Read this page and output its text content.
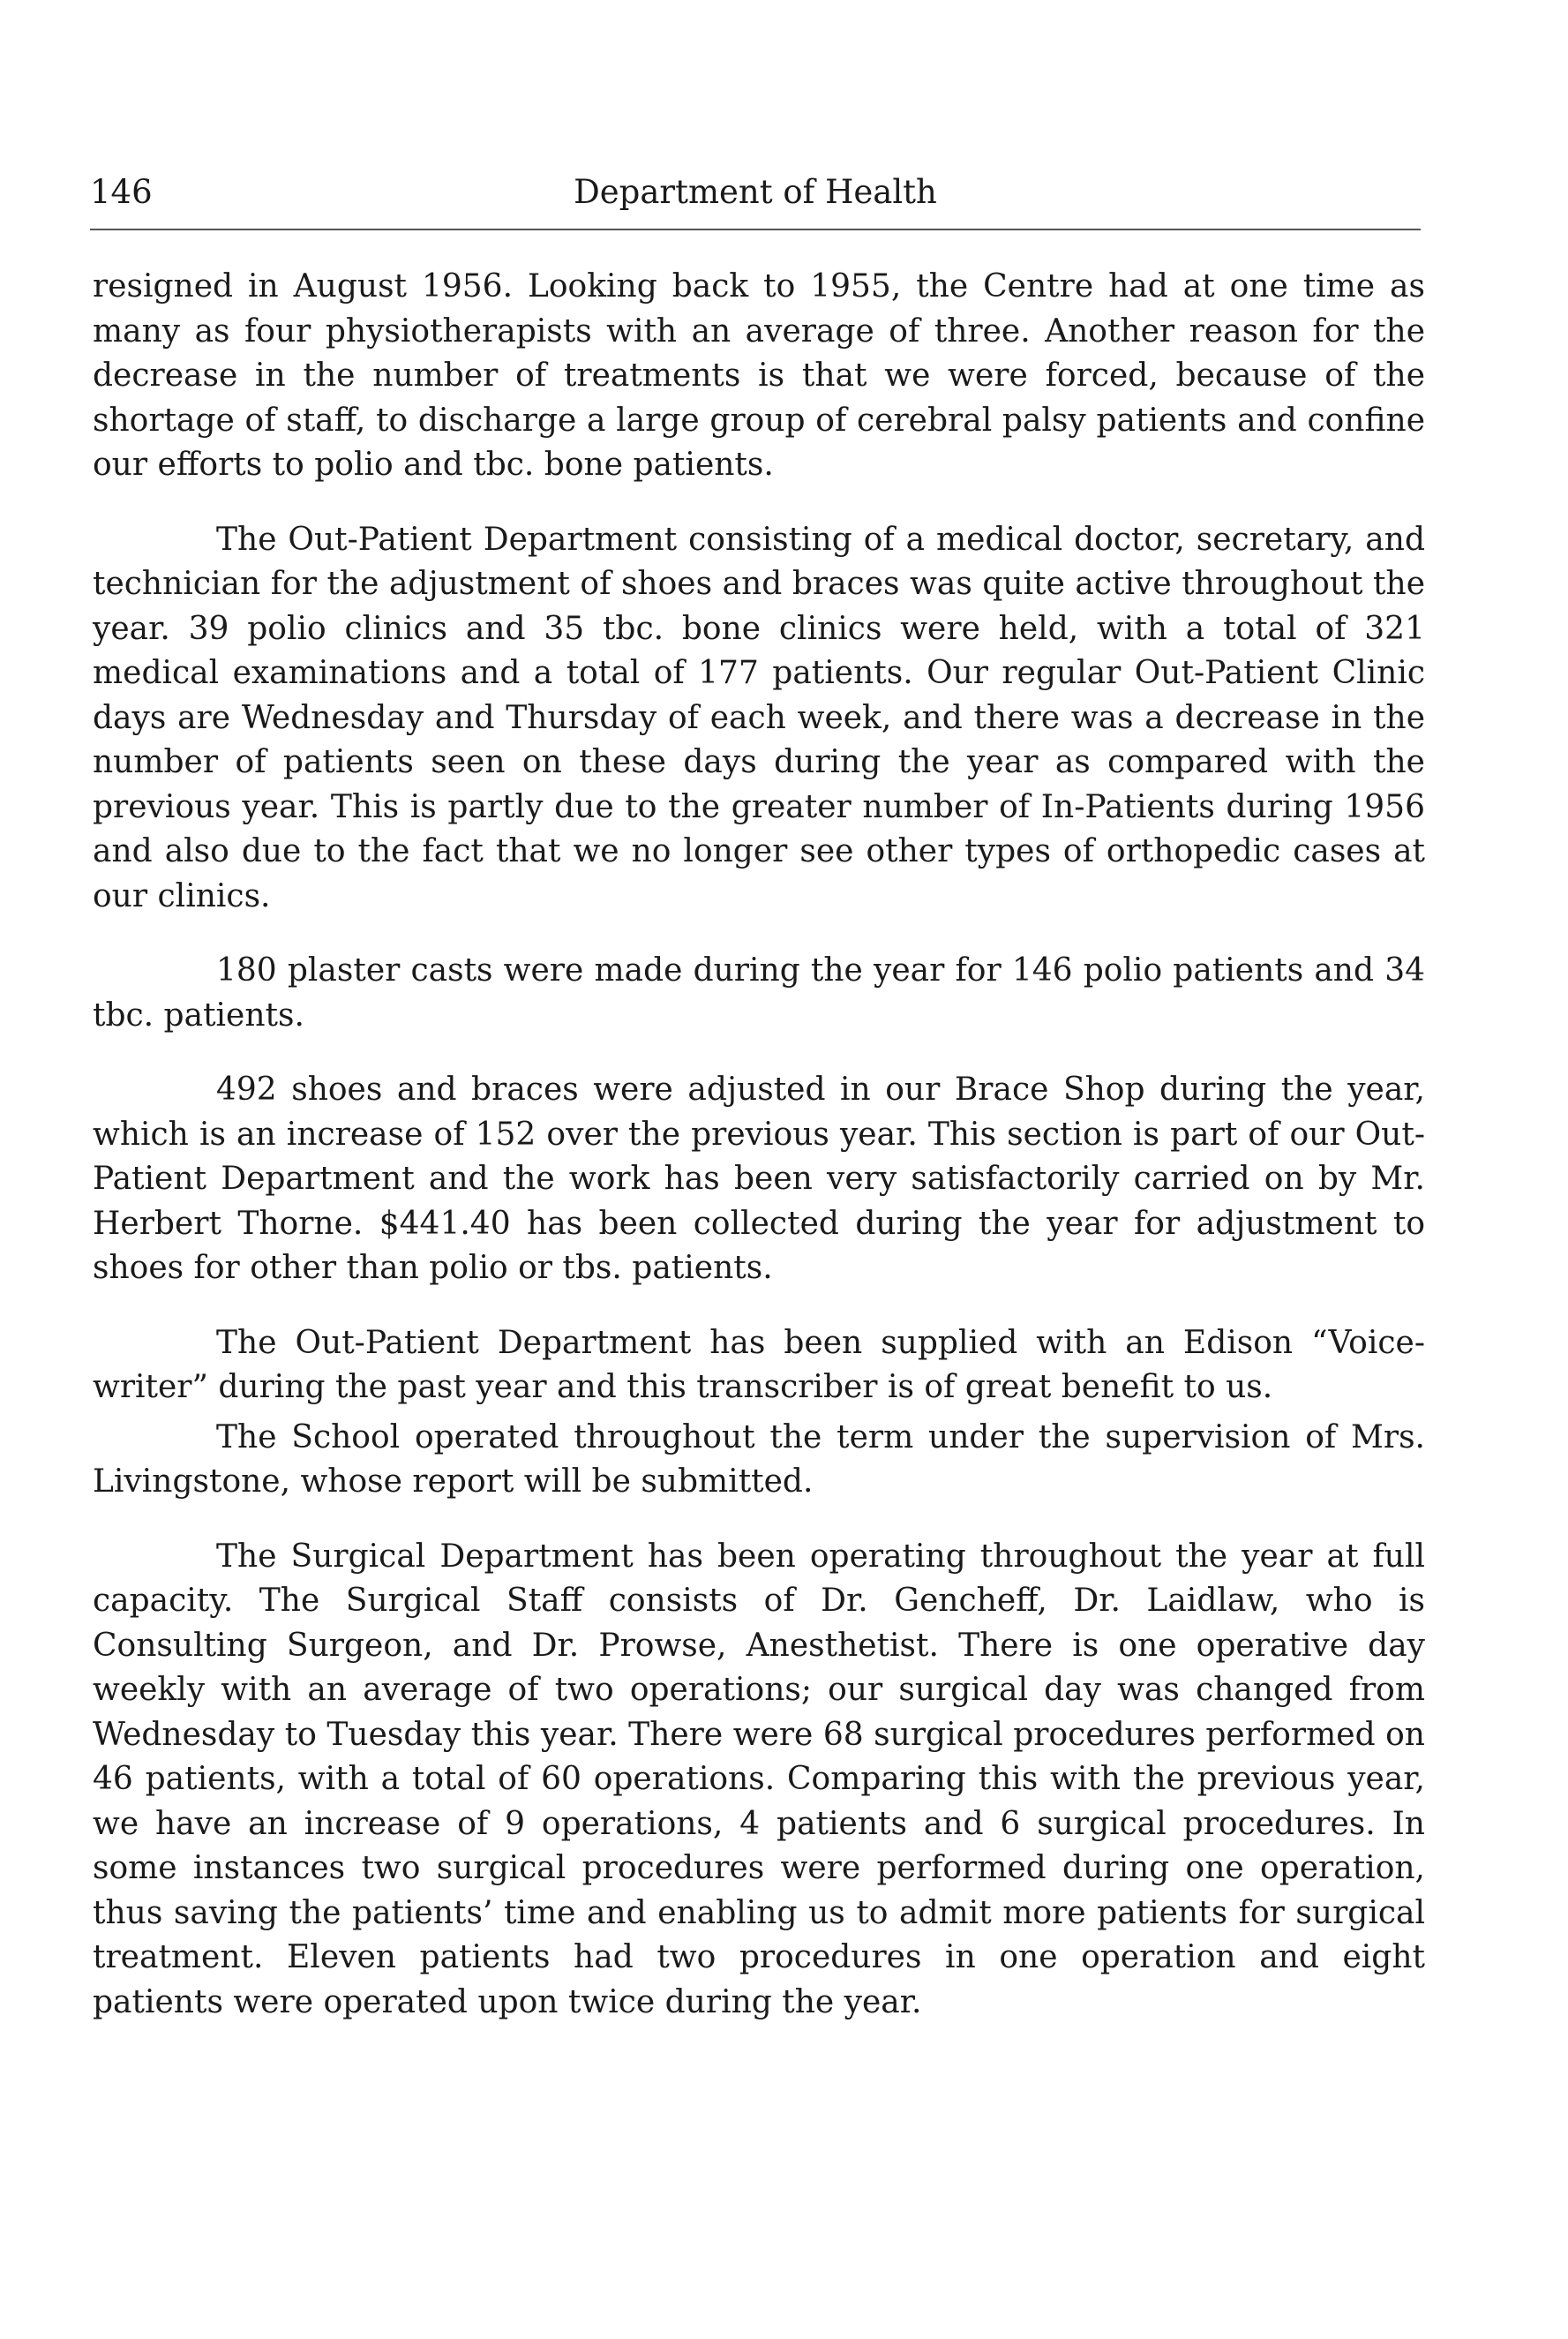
146	Department of Health

resigned in August 1956. Looking back to 1955, the Centre had at one time as many as four physiotherapists with an average of three. Another reason for the decrease in the number of treatments is that we were forced, because of the shortage of staff, to discharge a large group of cerebral palsy patients and confine our efforts to polio and tbc. bone patients.

The Out-Patient Department consisting of a medical doctor, secretary, and technician for the adjustment of shoes and braces was quite active throughout the year. 39 polio clinics and 35 tbc. bone clinics were held, with a total of 321 medical examinations and a total of 177 patients. Our regular Out-Patient Clinic days are Wednesday and Thursday of each week, and there was a decrease in the number of patients seen on these days during the year as compared with the previous year. This is partly due to the greater number of In-Patients during 1956 and also due to the fact that we no longer see other types of orthopedic cases at our clinics.

180 plaster casts were made during the year for 146 polio patients and 34 tbc. patients.

492 shoes and braces were adjusted in our Brace Shop during the year, which is an increase of 152 over the previous year. This section is part of our Out-Patient Department and the work has been very satisfactorily carried on by Mr. Herbert Thorne. $441.40 has been collected during the year for adjustment to shoes for other than polio or tbs. patients.

The Out-Patient Department has been supplied with an Edison “Voice-writer” during the past year and this transcriber is of great benefit to us.

The School operated throughout the term under the supervision of Mrs. Livingstone, whose report will be submitted.

The Surgical Department has been operating throughout the year at full capacity. The Surgical Staff consists of Dr. Gencheff, Dr. Laidlaw, who is Consulting Surgeon, and Dr. Prowse, Anesthetist. There is one operative day weekly with an average of two operations; our surgical day was changed from Wednesday to Tuesday this year. There were 68 surgical procedures performed on 46 patients, with a total of 60 operations. Comparing this with the previous year, we have an increase of 9 operations, 4 patients and 6 surgical procedures. In some instances two surgical procedures were performed during one operation, thus saving the patients’ time and enabling us to admit more patients for surgical treatment. Eleven patients had two procedures in one operation and eight patients were operated upon twice during the year.
